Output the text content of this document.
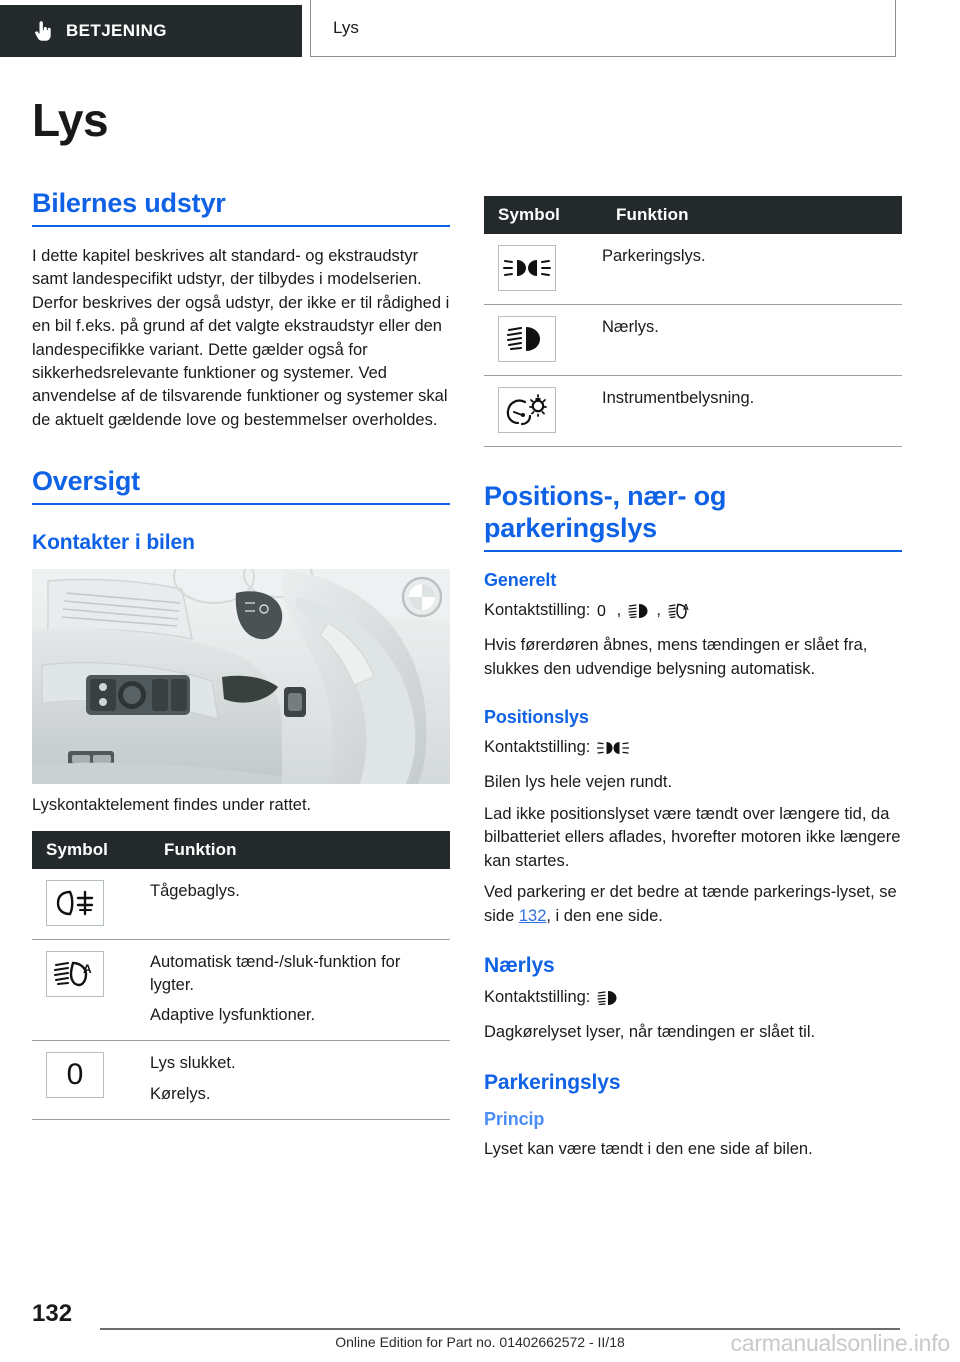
BETJENING	Lys
Lys
Bilernes udstyr

I dette kapitel beskrives alt standard- og ekstraudstyr samt landespecifikt udstyr, der tilbydes i modelserien. Derfor beskrives der også udstyr, der ikke er til rådighed i en bil f.eks. på grund af det valgte ekstraudstyr eller den landespecifikke variant. Dette gælder også for sikkerhedsrelevante funktioner og systemer. Ved anvendelse af de tilsvarende funktioner og systemer skal de aktuelt gældende love og bestemmelser overholdes.

Oversigt
Kontakter i bilen

Lyskontaktelement findes under rattet.

Symbol	Funktion

Tågebaglys.

A	Automatisk tænd-/sluk-funktion for lygter.
Adaptive lysfunktioner.

0	Lys slukket.
Kørelys.
Symbol	Funktion

Parkeringslys.

Nærlys.

Instrumentbelysning.
Positions-, nær- og parkeringslys
Generelt

Kontaktstilling: 0 ,  , A

Hvis førerdøren åbnes, mens tændingen er slået fra, slukkes den udvendige belysning automatisk.

Positionslys

Kontaktstilling:

Bilen lys hele vejen rundt.

Lad ikke positionslyset være tændt over længere tid, da bilbatteriet ellers aflades, hvorefter motoren ikke længere kan startes.

Ved parkering er det bedre at tænde parkerings-lyset, se side 132, i den ene side.

Nærlys

Kontaktstilling:

Dagkørelyset lyser, når tændingen er slået til.

Parkeringslys
Princip

Lyset kan være tændt i den ene side af bilen.

132
Online Edition for Part no. 01402662572 - II/18	carmanualsonline.info
